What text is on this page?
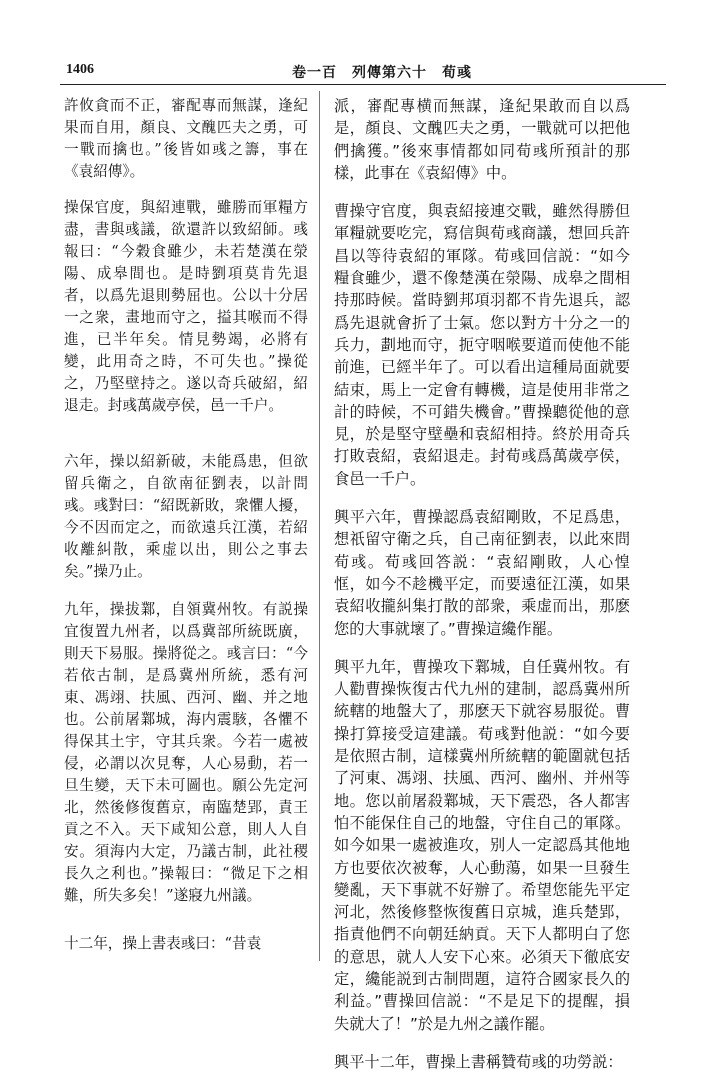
1406	卷一百　列傳第六十　荀彧

許攸貪而不正，審配專而無謀，逢紀果而自用，顏良、文醜匹夫之勇，可一戰而擒也。”後皆如彧之籌，事在《袁紹傳》。

操保官度，與紹連戰，雖勝而軍糧方盡，書與彧議，欲還許以致紹師。彧報曰：“今穀食雖少，未若楚漢在滎陽、成皋間也。是時劉項莫肯先退者，以爲先退則勢屈也。公以十分居一之衆，畫地而守之，搤其喉而不得進，已半年矣。情見勢竭，必將有變，此用奇之時，不可失也。”操從之，乃堅壁持之。遂以奇兵破紹，紹退走。封彧萬歲亭侯，邑一千户。

六年，操以紹新破，未能爲患，但欲留兵衛之，自欲南征劉表，以計問彧。彧對曰：“紹既新敗，衆懼人擾，今不因而定之，而欲遠兵江漢，若紹收離糾散，乘虚以出，則公之事去矣。”操乃止。

九年，操拔鄴，自領冀州牧。有説操宜復置九州者，以爲冀部所統既廣，則天下易服。操將從之。彧言曰：“今若依古制，是爲冀州所統，悉有河東、馮翊、扶風、西河、幽、并之地也。公前屠鄴城，海内震駭，各懼不得保其土宇，守其兵衆。今若一處被侵，必謂以次見奪，人心易動，若一旦生變，天下未可圖也。願公先定河北，然後修復舊京，南臨楚郢，責王貢之不入。天下咸知公意，則人人自安。須海内大定，乃議古制，此社稷長久之利也。”操報曰：“微足下之相難，所失多矣！”遂寢九州議。

十二年，操上書表彧曰：“昔袁

派，審配專横而無謀，逢紀果敢而自以爲是，顏良、文醜匹夫之勇，一戰就可以把他們擒獲。”後來事情都如同荀彧所預計的那樣，此事在《袁紹傳》中。

曹操守官度，與袁紹接連交戰，雖然得勝但軍糧就要吃完，寫信與荀彧商議，想回兵許昌以等待袁紹的軍隊。荀彧回信説：“如今糧食雖少，還不像楚漢在滎陽、成皋之間相持那時候。當時劉邦項羽都不肯先退兵，認爲先退就會折了士氣。您以對方十分之一的兵力，劃地而守，扼守咽喉要道而使他不能前進，已經半年了。可以看出這種局面就要結束，馬上一定會有轉機，這是使用非常之計的時候，不可錯失機會。”曹操聽從他的意見，於是堅守壁壘和袁紹相持。終於用奇兵打敗袁紹，袁紹退走。封荀彧爲萬歲亭侯，食邑一千户。

興平六年，曹操認爲袁紹剛敗，不足爲患，想祇留守衛之兵，自己南征劉表，以此來問荀彧。荀彧回答説：“袁紹剛敗，人心惶恇，如今不趁機平定，而要遠征江漢，如果袁紹收攏糾集打散的部衆，乘虚而出，那麽您的大事就壞了。”曹操這纔作罷。

興平九年，曹操攻下鄴城，自任冀州牧。有人勸曹操恢復古代九州的建制，認爲冀州所統轄的地盤大了，那麽天下就容易服從。曹操打算接受這建議。荀彧對他説：“如今要是依照古制，這樣冀州所統轄的範圍就包括了河東、馮翊、扶風、西河、幽州、并州等地。您以前屠殺鄴城，天下震恐，各人都害怕不能保住自己的地盤，守住自己的軍隊。如今如果一處被進攻，别人一定認爲其他地方也要依次被奪，人心動蕩，如果一旦發生變亂，天下事就不好辦了。希望您能先平定河北，然後修整恢復舊日京城，進兵楚郢，指責他們不向朝廷納貢。天下人都明白了您的意思，就人人安下心來。必須天下徹底安定，纔能説到古制問題，這符合國家長久的利益。”曹操回信説：“不是足下的提醒，損失就大了！”於是九州之議作罷。

興平十二年，曹操上書稱贊荀彧的功勞説：
